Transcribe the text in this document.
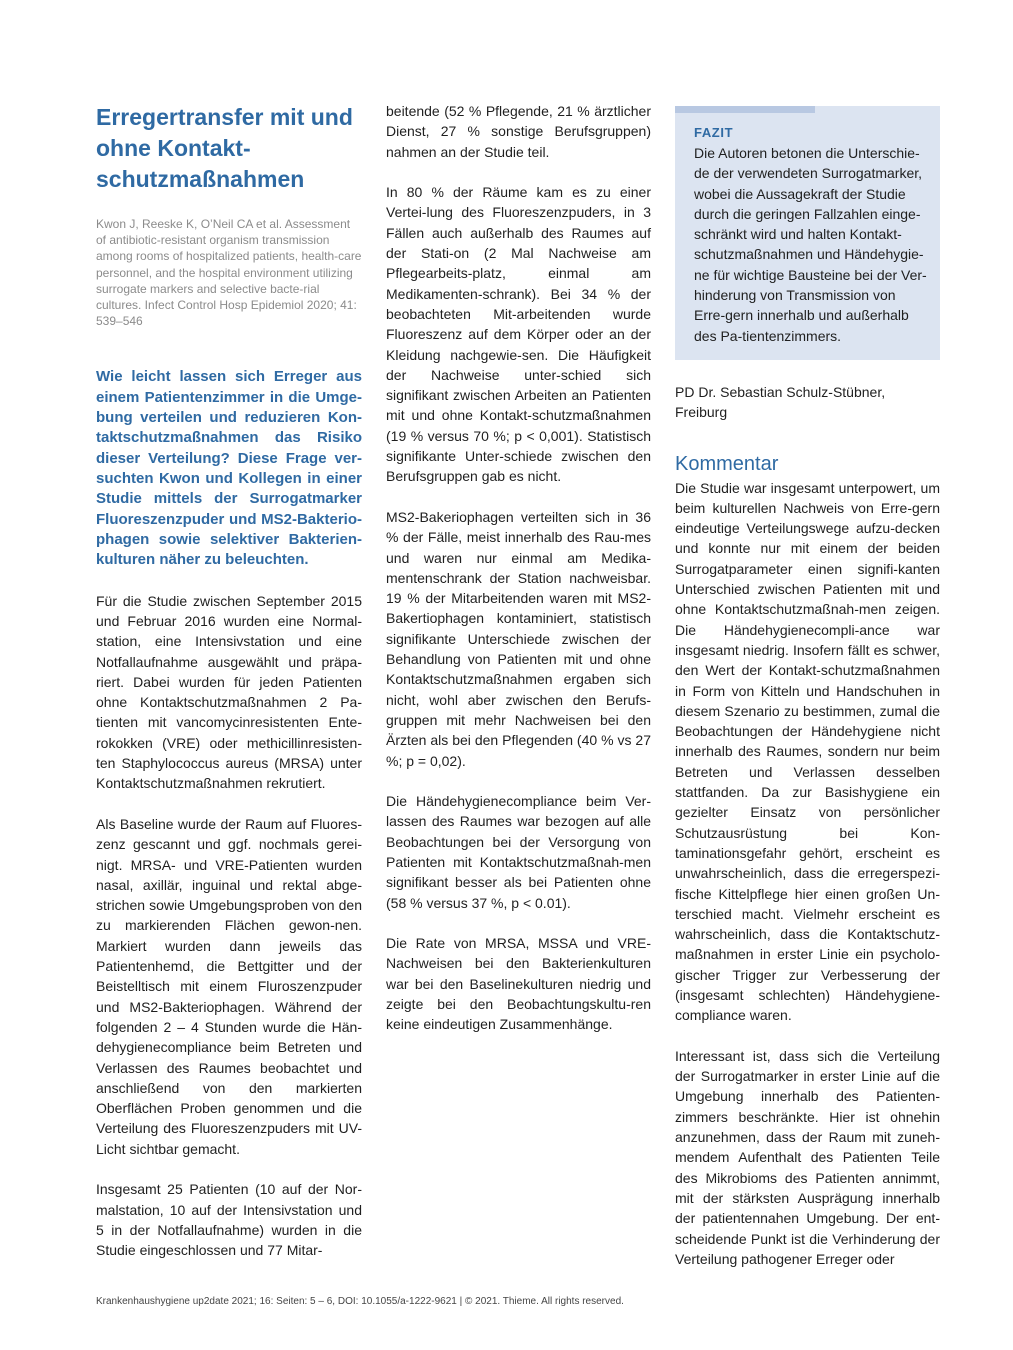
Erregertransfer mit und ohne Kontakt-schutzmaßnahmen

Kwon J, Reeske K, O’Neil CA et al. Assessment of antibiotic-resistant organism transmission among rooms of hospitalized patients, health-care personnel, and the hospital environment utilizing surrogate markers and selective bacte-rial cultures. Infect Control Hosp Epidemiol 2020; 41: 539–546

Wie leicht lassen sich Erreger aus einem Patientenzimmer in die Umge-bung verteilen und reduzieren Kon-taktschutzmaßnahmen das Risiko dieser Verteilung? Diese Frage ver-suchten Kwon und Kollegen in einer Studie mittels der Surrogatmarker Fluoreszenzpuder und MS2-Bakterio-phagen sowie selektiver Bakterien-kulturen näher zu beleuchten.

Für die Studie zwischen September 2015 und Februar 2016 wurden eine Normal-station, eine Intensivstation und eine Notfallaufnahme ausgewählt und präpa-riert. Dabei wurden für jeden Patienten ohne Kontaktschutzmaßnahmen 2 Pa-tienten mit vancomycinresistenten Ente-rokokken (VRE) oder methicillinresisten-ten Staphylococcus aureus (MRSA) unter Kontaktschutzmaßnahmen rekrutiert.

Als Baseline wurde der Raum auf Fluores-zenz gescannt und ggf. nochmals gerei-nigt. MRSA- und VRE-Patienten wurden nasal, axillär, inguinal und rektal abge-strichen sowie Umgebungsproben von den zu markierenden Flächen gewon-nen. Markiert wurden dann jeweils das Patientenhemd, die Bettgitter und der Beistelltisch mit einem Fluroszenzpuder und MS2-Bakteriophagen. Während der folgenden 2 – 4 Stunden wurde die Hän-dehygienecompliance beim Betreten und Verlassen des Raumes beobachtet und anschließend von den markierten Oberflächen Proben genommen und die Verteilung des Fluoreszenzpuders mit UV-Licht sichtbar gemacht.

Insgesamt 25 Patienten (10 auf der Nor-malstation, 10 auf der Intensivstation und 5 in der Notfallaufnahme) wurden in die Studie eingeschlossen und 77 Mitar-

beitende (52 % Pflegende, 21 % ärztlicher Dienst, 27 % sonstige Berufsgruppen) nahmen an der Studie teil.

In 80 % der Räume kam es zu einer Vertei-lung des Fluoreszenzpuders, in 3 Fällen auch außerhalb des Raumes auf der Stati-on (2 Mal Nachweise am Pflegearbeits-platz, einmal am Medikamenten-schrank). Bei 34 % der beobachteten Mit-arbeitenden wurde Fluoreszenz auf dem Körper oder an der Kleidung nachgewie-sen. Die Häufigkeit der Nachweise unter-schied sich signifikant zwischen Arbeiten an Patienten mit und ohne Kontakt-schutzmaßnahmen (19 % versus 70 %; p < 0,001). Statistisch signifikante Unter-schiede zwischen den Berufsgruppen gab es nicht.

MS2-Bakeriophagen verteilten sich in 36 % der Fälle, meist innerhalb des Rau-mes und waren nur einmal am Medika-mentenschrank der Station nachweisbar. 19 % der Mitarbeitenden waren mit MS2-Bakertiophagen kontaminiert, statistisch signifikante Unterschiede zwischen der Behandlung von Patienten mit und ohne Kontaktschutzmaßnahmen ergaben sich nicht, wohl aber zwischen den Berufs-gruppen mit mehr Nachweisen bei den Ärzten als bei den Pflegenden (40 % vs 27 %; p = 0,02).

Die Händehygienecompliance beim Ver-lassen des Raumes war bezogen auf alle Beobachtungen bei der Versorgung von Patienten mit Kontaktschutzmaßnah-men signifikant besser als bei Patienten ohne (58 % versus 37 %, p < 0.01).

Die Rate von MRSA, MSSA und VRE-Nachweisen bei den Bakterienkulturen war bei den Baselinekulturen niedrig und zeigte bei den Beobachtungskultu-ren keine eindeutigen Zusammenhänge.

FAZIT
Die Autoren betonen die Unterschie-de der verwendeten Surrogatmarker, wobei die Aussagekraft der Studie durch die geringen Fallzahlen einge-schränkt wird und halten Kontakt-schutzmaßnahmen und Händehygie-ne für wichtige Bausteine bei der Ver-hinderung von Transmission von Erre-gern innerhalb und außerhalb des Pa-tientenzimmers.
PD Dr. Sebastian Schulz-Stübner, Freiburg
Kommentar

Die Studie war insgesamt unterpowert, um beim kulturellen Nachweis von Erre-gern eindeutige Verteilungswege aufzu-decken und konnte nur mit einem der beiden Surrogatparameter einen signifi-kanten Unterschied zwischen Patienten mit und ohne Kontaktschutzmaßnah-men zeigen. Die Händehygienecompli-ance war insgesamt niedrig. Insofern fällt es schwer, den Wert der Kontakt-schutzmaßnahmen in Form von Kitteln und Handschuhen in diesem Szenario zu bestimmen, zumal die Beobachtungen der Händehygiene nicht innerhalb des Raumes, sondern nur beim Betreten und Verlassen desselben stattfanden. Da zur Basishygiene ein gezielter Einsatz von persönlicher Schutzausrüstung bei Kon-taminationsgefahr gehört, erscheint es unwahrscheinlich, dass die erregerspezi-fische Kittelpflege hier einen großen Un-terschied macht. Vielmehr erscheint es wahrscheinlich, dass die Kontaktschutz-maßnahmen in erster Linie ein psycholo-gischer Trigger zur Verbesserung der (insgesamt schlechten) Händehygiene-compliance waren.

Interessant ist, dass sich die Verteilung der Surrogatmarker in erster Linie auf die Umgebung innerhalb des Patienten-zimmers beschränkte. Hier ist ohnehin anzunehmen, dass der Raum mit zuneh-mendem Aufenthalt des Patienten Teile des Mikrobioms des Patienten annimmt, mit der stärksten Ausprägung innerhalb der patientennahen Umgebung. Der ent-scheidende Punkt ist die Verhinderung der Verteilung pathogener Erreger oder

Krankenhaushygiene up2date 2021; 16: Seiten: 5 – 6, DOI: 10.1055/a-1222-9621 | © 2021. Thieme. All rights reserved.
